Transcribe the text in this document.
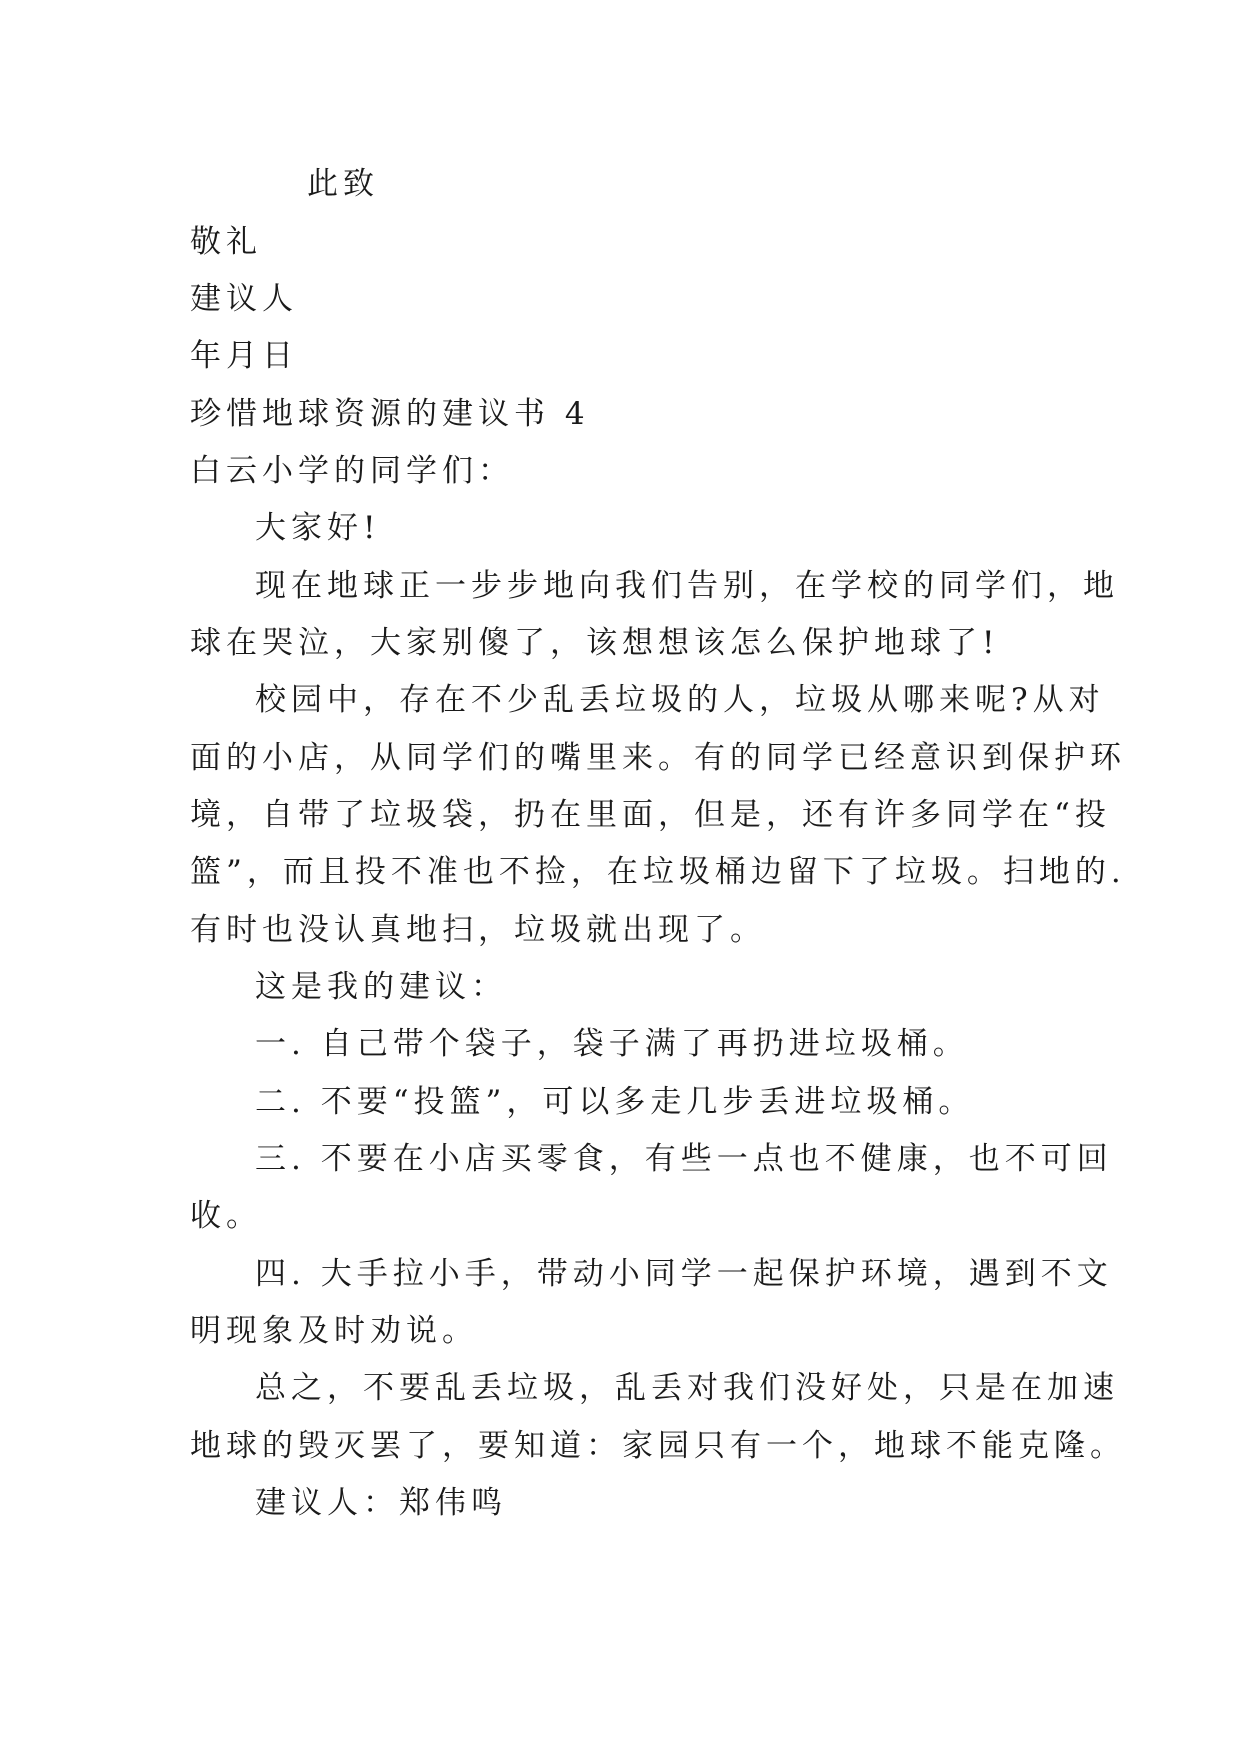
此致
敬礼
建议人
年月日
珍惜地球资源的建议书 4
白云小学的同学们：
大家好!
现在地球正一步步地向我们告别，在学校的同学们，地
球在哭泣，大家别傻了，该想想该怎么保护地球了!
校园中，存在不少乱丢垃圾的人，垃圾从哪来呢?从对
面的小店，从同学们的嘴里来。有的同学已经意识到保护环
境，自带了垃圾袋，扔在里面，但是，还有许多同学在“投
篮”，而且投不准也不捡，在垃圾桶边留下了垃圾。扫地的.
有时也没认真地扫，垃圾就出现了。
这是我的建议：
一. 自己带个袋子，袋子满了再扔进垃圾桶。
二. 不要“投篮”，可以多走几步丢进垃圾桶。
三. 不要在小店买零食，有些一点也不健康，也不可回
收。
四. 大手拉小手，带动小同学一起保护环境，遇到不文
明现象及时劝说。
总之，不要乱丢垃圾，乱丢对我们没好处，只是在加速
地球的毁灭罢了，要知道：家园只有一个，地球不能克隆。
建议人：郑伟鸣
